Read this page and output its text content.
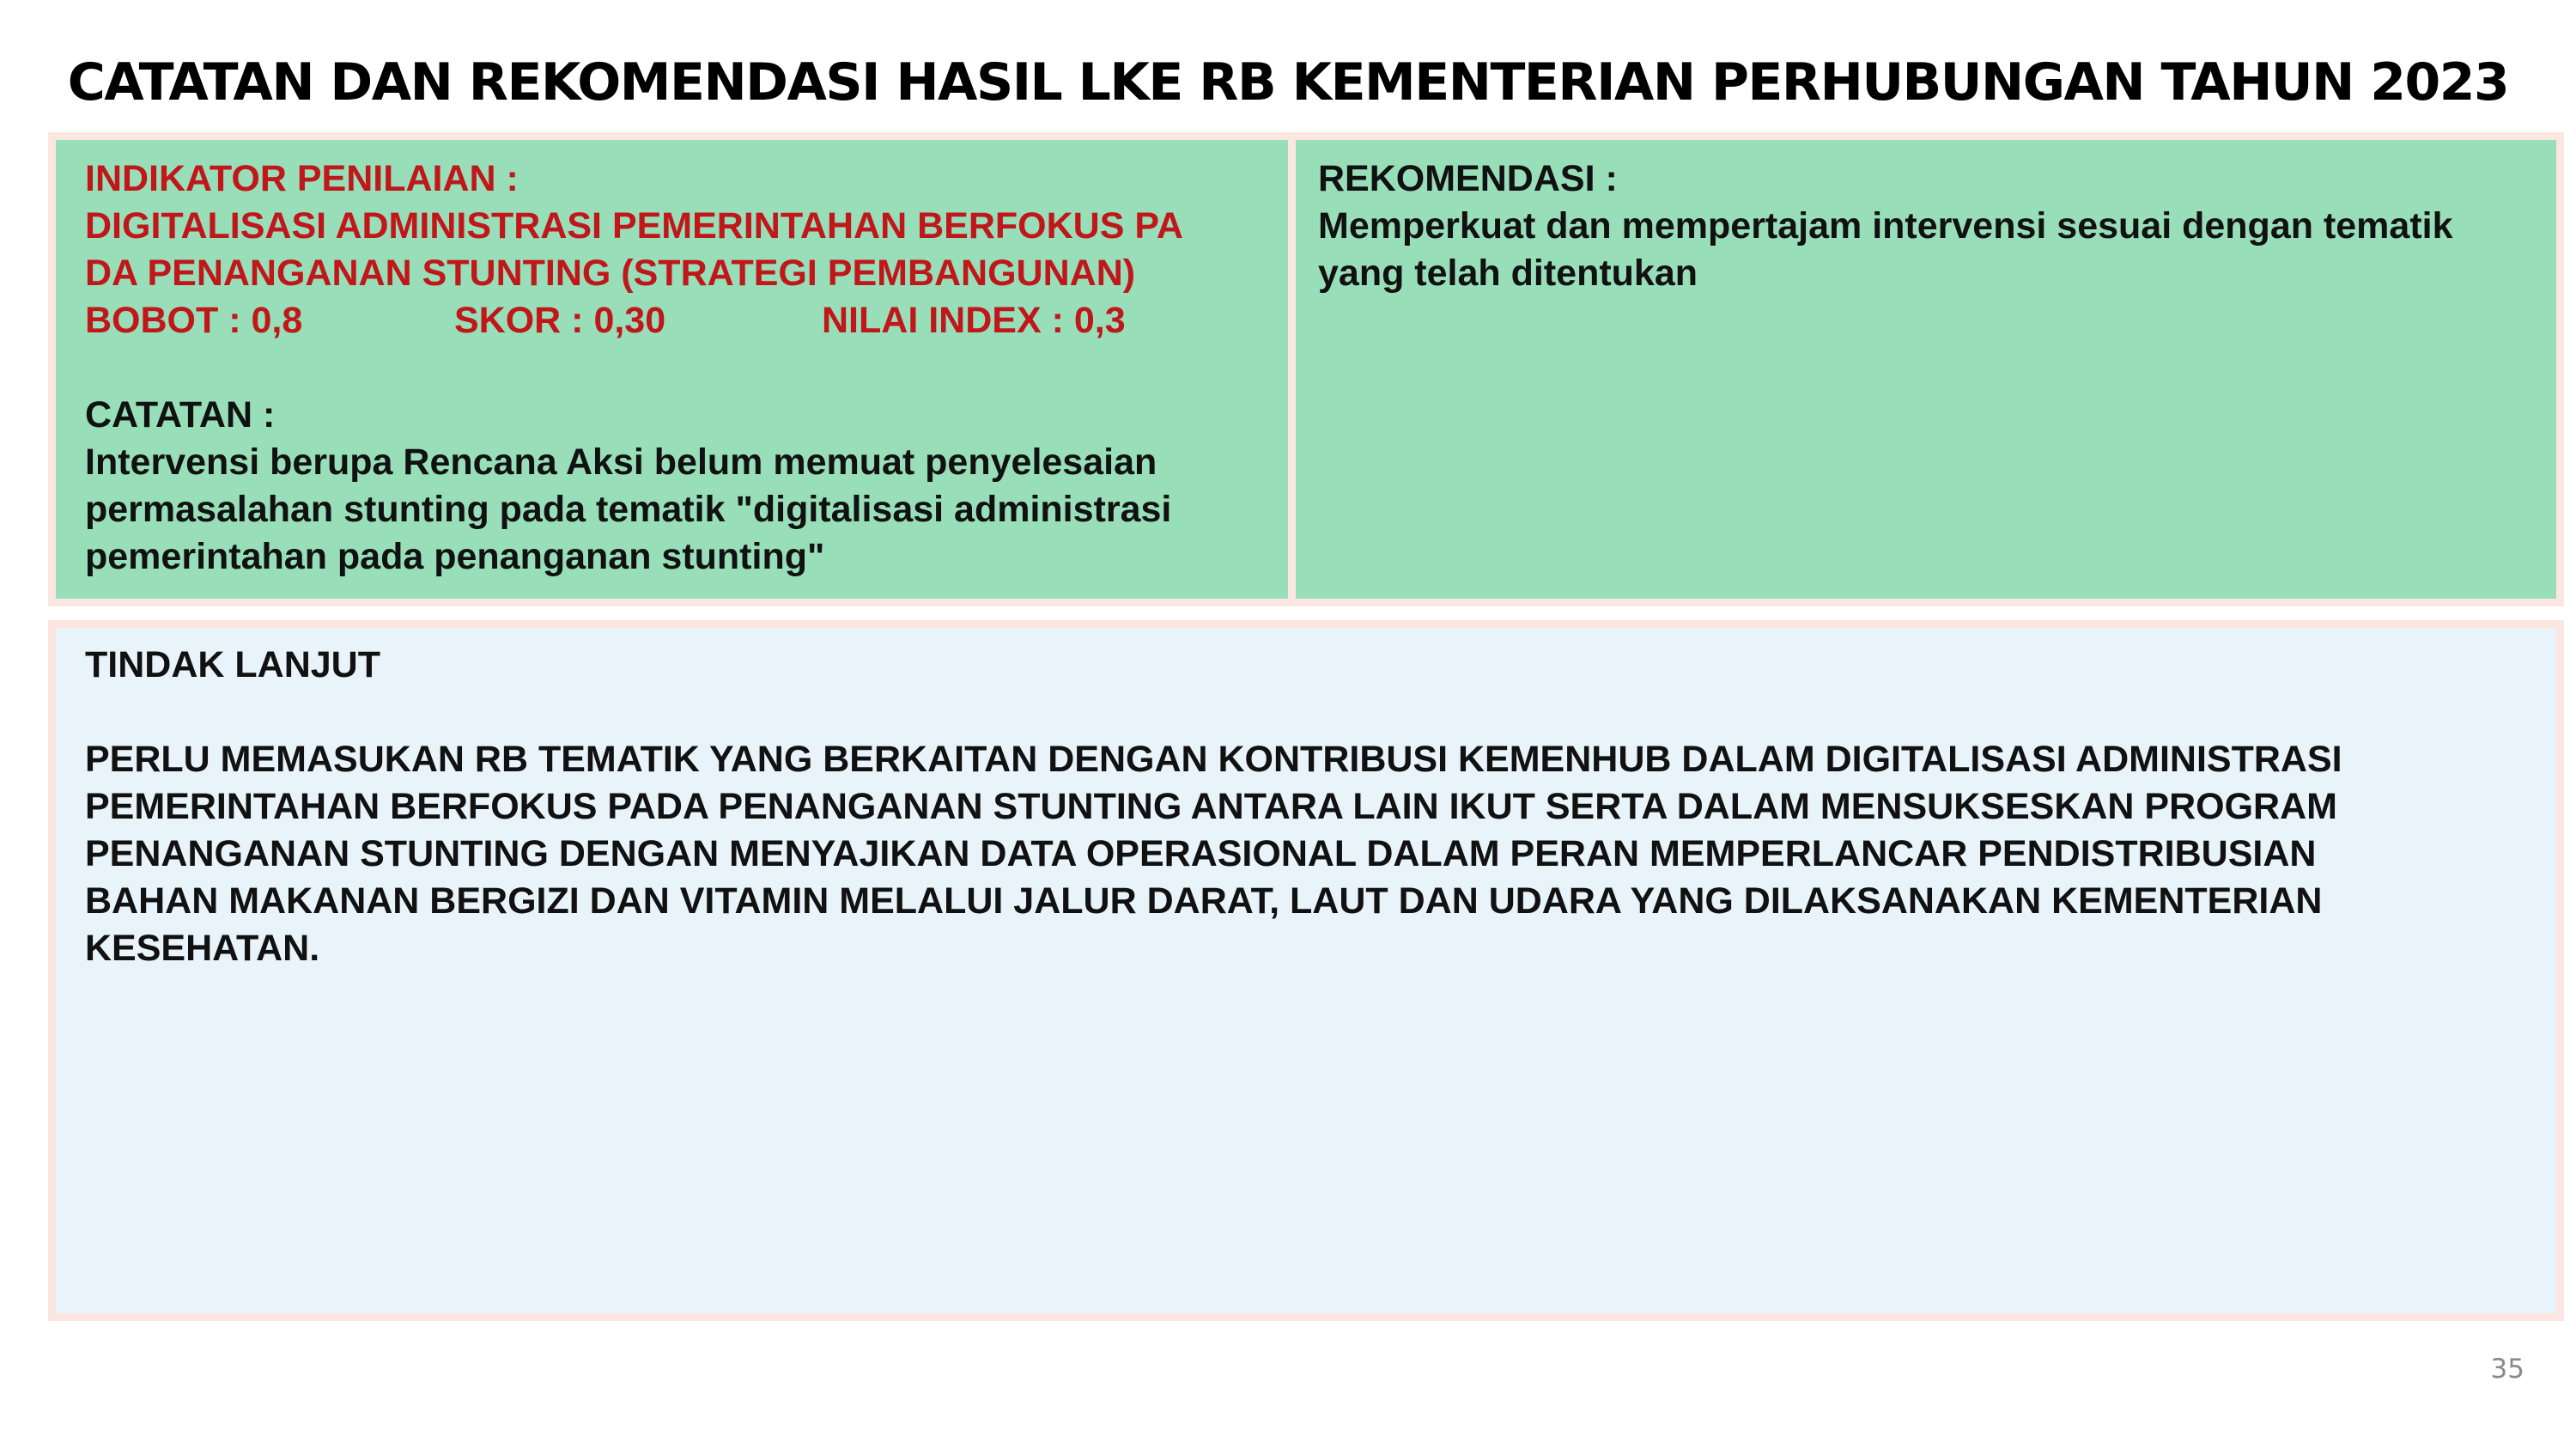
CATATAN DAN REKOMENDASI HASIL LKE RB KEMENTERIAN PERHUBUNGAN TAHUN 2023
INDIKATOR PENILAIAN :
DIGITALISASI ADMINISTRASI PEMERINTAHAN BERFOKUS PA
DA PENANGANAN STUNTING (STRATEGI PEMBANGUNAN)
BOBOT : 0,8	SKOR : 0,30	NILAI INDEX : 0,3
CATATAN :
Intervensi berupa Rencana Aksi belum memuat penyelesaian
permasalahan stunting pada tematik "digitalisasi administrasi
pemerintahan pada penanganan stunting"
REKOMENDASI :
Memperkuat dan mempertajam intervensi sesuai dengan tematik
yang telah ditentukan
TINDAK LANJUT
PERLU MEMASUKAN RB TEMATIK YANG BERKAITAN DENGAN KONTRIBUSI KEMENHUB DALAM DIGITALISASI ADMINISTRASI
PEMERINTAHAN BERFOKUS PADA PENANGANAN STUNTING ANTARA LAIN IKUT SERTA DALAM MENSUKSESKAN PROGRAM
PENANGANAN STUNTING DENGAN MENYAJIKAN DATA OPERASIONAL DALAM PERAN MEMPERLANCAR PENDISTRIBUSIAN
BAHAN MAKANAN BERGIZI DAN VITAMIN MELALUI JALUR DARAT, LAUT DAN UDARA YANG DILAKSANAKAN KEMENTERIAN
KESEHATAN.
35
